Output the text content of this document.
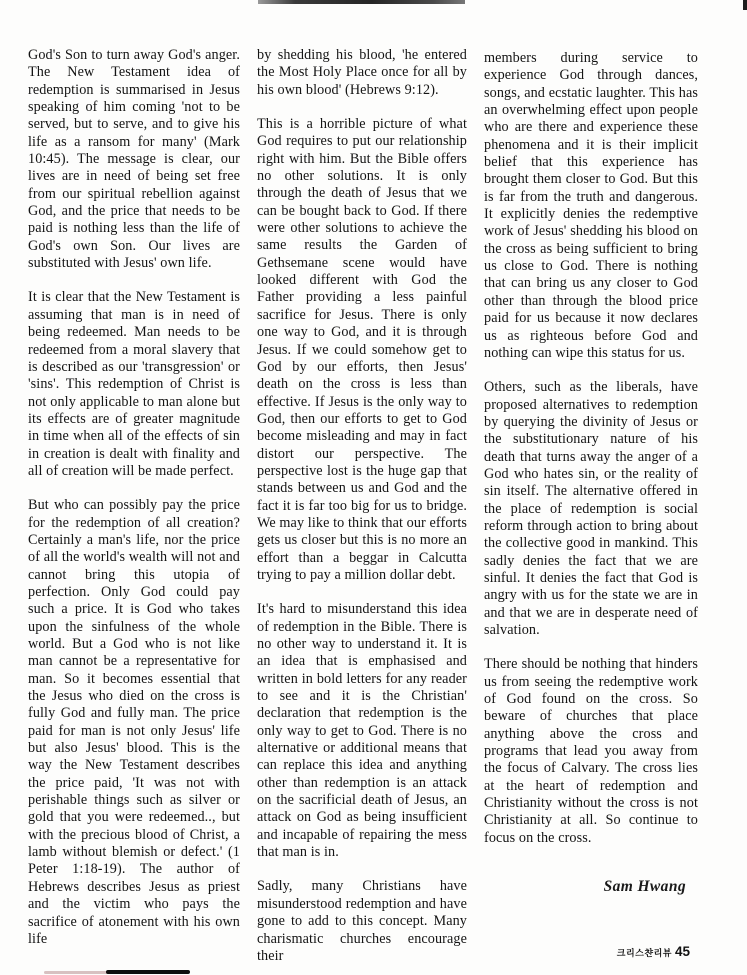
God's Son to turn away God's anger. The New Testament idea of redemption is summarised in Jesus speaking of him coming 'not to be served, but to serve, and to give his life as a ransom for many' (Mark 10:45). The message is clear, our lives are in need of being set free from our spiritual rebellion against God, and the price that needs to be paid is nothing less than the life of God's own Son. Our lives are substituted with Jesus' own life.

It is clear that the New Testament is assuming that man is in need of being redeemed. Man needs to be redeemed from a moral slavery that is described as our 'transgression' or 'sins'. This redemption of Christ is not only applicable to man alone but its effects are of greater magnitude in time when all of the effects of sin in creation is dealt with finality and all of creation will be made perfect.

But who can possibly pay the price for the redemption of all creation? Certainly a man's life, nor the price of all the world's wealth will not and cannot bring this utopia of perfection. Only God could pay such a price. It is God who takes upon the sinfulness of the whole world. But a God who is not like man cannot be a representative for man. So it becomes essential that the Jesus who died on the cross is fully God and fully man. The price paid for man is not only Jesus' life but also Jesus' blood. This is the way the New Testament describes the price paid, 'It was not with perishable things such as silver or gold that you were redeemed.., but with the precious blood of Christ, a lamb without blemish or defect.' (1 Peter 1:18-19). The author of Hebrews describes Jesus as priest and the victim who pays the sacrifice of atonement with his own life

by shedding his blood, 'he entered the Most Holy Place once for all by his own blood' (Hebrews 9:12).

This is a horrible picture of what God requires to put our relationship right with him. But the Bible offers no other solutions. It is only through the death of Jesus that we can be bought back to God. If there were other solutions to achieve the same results the Garden of Gethsemane scene would have looked different with God the Father providing a less painful sacrifice for Jesus. There is only one way to God, and it is through Jesus. If we could somehow get to God by our efforts, then Jesus' death on the cross is less than effective. If Jesus is the only way to God, then our efforts to get to God become misleading and may in fact distort our perspective. The perspective lost is the huge gap that stands between us and God and the fact it is far too big for us to bridge. We may like to think that our efforts gets us closer but this is no more an effort than a beggar in Calcutta trying to pay a million dollar debt.

It's hard to misunderstand this idea of redemption in the Bible. There is no other way to understand it. It is an idea that is emphasised and written in bold letters for any reader to see and it is the Christian' declaration that redemption is the only way to get to God. There is no alternative or additional means that can replace this idea and anything other than redemption is an attack on the sacrificial death of Jesus, an attack on God as being insufficient and incapable of repairing the mess that man is in.

Sadly, many Christians have misunderstood redemption and have gone to add to this concept. Many charismatic churches encourage their

members during service to experience God through dances, songs, and ecstatic laughter. This has an overwhelming effect upon people who are there and experience these phenomena and it is their implicit belief that this experience has brought them closer to God. But this is far from the truth and dangerous. It explicitly denies the redemptive work of Jesus' shedding his blood on the cross as being sufficient to bring us close to God. There is nothing that can bring us any closer to God other than through the blood price paid for us because it now declares us as righteous before God and nothing can wipe this status for us.

Others, such as the liberals, have proposed alternatives to redemption by querying the divinity of Jesus or the substitutionary nature of his death that turns away the anger of a God who hates sin, or the reality of sin itself. The alternative offered in the place of redemption is social reform through action to bring about the collective good in mankind. This sadly denies the fact that we are sinful. It denies the fact that God is angry with us for the state we are in and that we are in desperate need of salvation.

There should be nothing that hinders us from seeing the redemptive work of God found on the cross. So beware of churches that place anything above the cross and programs that lead you away from the focus of Calvary. The cross lies at the heart of redemption and Christianity without the cross is not Christianity at all. So continue to focus on the cross.

Sam Hwang
크리스챤리뷰 45
